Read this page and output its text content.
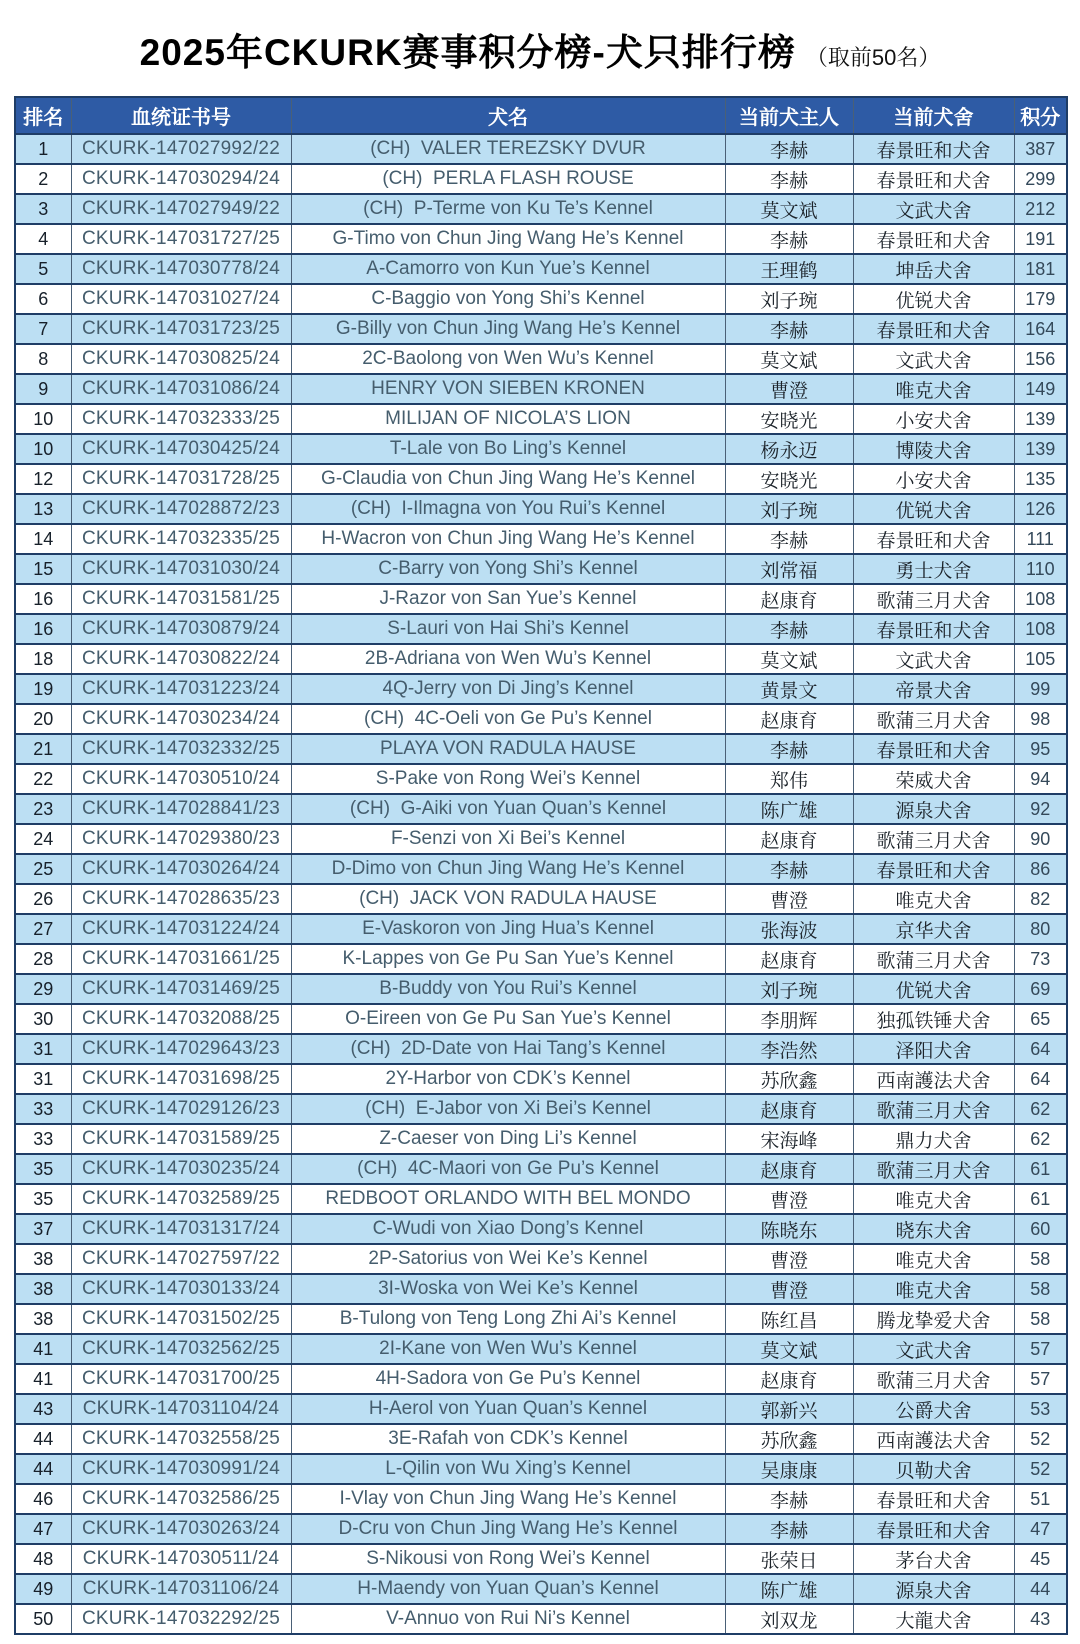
2025年CKURK赛事积分榜-犬只排行榜 （取前50名）
排名	血统证书号	犬名	当前犬主人	当前犬舍	积分
1	CKURK-147027992/22	(CH)  VALER TEREZSKY DVUR	李赫	春景旺和犬舍	387
2	CKURK-147030294/24	(CH)  PERLA FLASH ROUSE	李赫	春景旺和犬舍	299
3	CKURK-147027949/22	(CH)  P-Terme von Ku Te’s Kennel	莫文斌	文武犬舍	212
4	CKURK-147031727/25	G-Timo von Chun Jing Wang He’s Kennel	李赫	春景旺和犬舍	191
5	CKURK-147030778/24	A-Camorro von Kun Yue’s Kennel	王理鹤	坤岳犬舍	181
6	CKURK-147031027/24	C-Baggio von Yong Shi’s Kennel	刘子琬	优锐犬舍	179
7	CKURK-147031723/25	G-Billy von Chun Jing Wang He’s Kennel	李赫	春景旺和犬舍	164
8	CKURK-147030825/24	2C-Baolong von Wen Wu’s Kennel	莫文斌	文武犬舍	156
9	CKURK-147031086/24	HENRY VON SIEBEN KRONEN	曹澄	唯克犬舍	149
10	CKURK-147032333/25	MILIJAN OF NICOLA’S LION	安晓光	小安犬舍	139
10	CKURK-147030425/24	T-Lale von Bo Ling’s Kennel	杨永迈	博陵犬舍	139
12	CKURK-147031728/25	G-Claudia von Chun Jing Wang He’s Kennel	安晓光	小安犬舍	135
13	CKURK-147028872/23	(CH)  I-Ilmagna von You Rui’s Kennel	刘子琬	优锐犬舍	126
14	CKURK-147032335/25	H-Wacron von Chun Jing Wang He’s Kennel	李赫	春景旺和犬舍	111
15	CKURK-147031030/24	C-Barry von Yong Shi’s Kennel	刘常福	勇士犬舍	110
16	CKURK-147031581/25	J-Razor von San Yue’s Kennel	赵康育	歌蒲三月犬舍	108
16	CKURK-147030879/24	S-Lauri von Hai Shi’s Kennel	李赫	春景旺和犬舍	108
18	CKURK-147030822/24	2B-Adriana von Wen Wu’s Kennel	莫文斌	文武犬舍	105
19	CKURK-147031223/24	4Q-Jerry von Di Jing’s Kennel	黄景文	帝景犬舍	99
20	CKURK-147030234/24	(CH)  4C-Oeli von Ge Pu’s Kennel	赵康育	歌蒲三月犬舍	98
21	CKURK-147032332/25	PLAYA VON RADULA HAUSE	李赫	春景旺和犬舍	95
22	CKURK-147030510/24	S-Pake von Rong Wei’s Kennel	郑伟	荣威犬舍	94
23	CKURK-147028841/23	(CH)  G-Aiki von Yuan Quan’s Kennel	陈广雄	源泉犬舍	92
24	CKURK-147029380/23	F-Senzi von Xi Bei’s Kennel	赵康育	歌蒲三月犬舍	90
25	CKURK-147030264/24	D-Dimo von Chun Jing Wang He’s Kennel	李赫	春景旺和犬舍	86
26	CKURK-147028635/23	(CH)  JACK VON RADULA HAUSE	曹澄	唯克犬舍	82
27	CKURK-147031224/24	E-Vaskoron von Jing Hua’s Kennel	张海波	京华犬舍	80
28	CKURK-147031661/25	K-Lappes von Ge Pu San Yue’s Kennel	赵康育	歌蒲三月犬舍	73
29	CKURK-147031469/25	B-Buddy von You Rui’s Kennel	刘子琬	优锐犬舍	69
30	CKURK-147032088/25	O-Eireen von Ge Pu San Yue’s Kennel	李朋辉	独孤铁锤犬舍	65
31	CKURK-147029643/23	(CH)  2D-Date von Hai Tang’s Kennel	李浩然	泽阳犬舍	64
31	CKURK-147031698/25	2Y-Harbor von CDK’s Kennel	苏欣鑫	西南護法犬舍	64
33	CKURK-147029126/23	(CH)  E-Jabor von Xi Bei’s Kennel	赵康育	歌蒲三月犬舍	62
33	CKURK-147031589/25	Z-Caeser von Ding Li’s Kennel	宋海峰	鼎力犬舍	62
35	CKURK-147030235/24	(CH)  4C-Maori von Ge Pu’s Kennel	赵康育	歌蒲三月犬舍	61
35	CKURK-147032589/25	REDBOOT ORLANDO WITH BEL MONDO	曹澄	唯克犬舍	61
37	CKURK-147031317/24	C-Wudi von Xiao Dong’s Kennel	陈晓东	晓东犬舍	60
38	CKURK-147027597/22	2P-Satorius von Wei Ke’s Kennel	曹澄	唯克犬舍	58
38	CKURK-147030133/24	3I-Woska von Wei Ke’s Kennel	曹澄	唯克犬舍	58
38	CKURK-147031502/25	B-Tulong von Teng Long Zhi Ai’s Kennel	陈红昌	腾龙挚爱犬舍	58
41	CKURK-147032562/25	2I-Kane von Wen Wu’s Kennel	莫文斌	文武犬舍	57
41	CKURK-147031700/25	4H-Sadora von Ge Pu’s Kennel	赵康育	歌蒲三月犬舍	57
43	CKURK-147031104/24	H-Aerol von Yuan Quan’s Kennel	郭新兴	公爵犬舍	53
44	CKURK-147032558/25	3E-Rafah von CDK’s Kennel	苏欣鑫	西南護法犬舍	52
44	CKURK-147030991/24	L-Qilin von Wu Xing’s Kennel	吴康康	贝勒犬舍	52
46	CKURK-147032586/25	I-Vlay von Chun Jing Wang He’s Kennel	李赫	春景旺和犬舍	51
47	CKURK-147030263/24	D-Cru von Chun Jing Wang He’s Kennel	李赫	春景旺和犬舍	47
48	CKURK-147030511/24	S-Nikousi von Rong Wei’s Kennel	张荣日	茅台犬舍	45
49	CKURK-147031106/24	H-Maendy von Yuan Quan’s Kennel	陈广雄	源泉犬舍	44
50	CKURK-147032292/25	V-Annuo von Rui Ni’s Kennel	刘双龙	大龍犬舍	43
